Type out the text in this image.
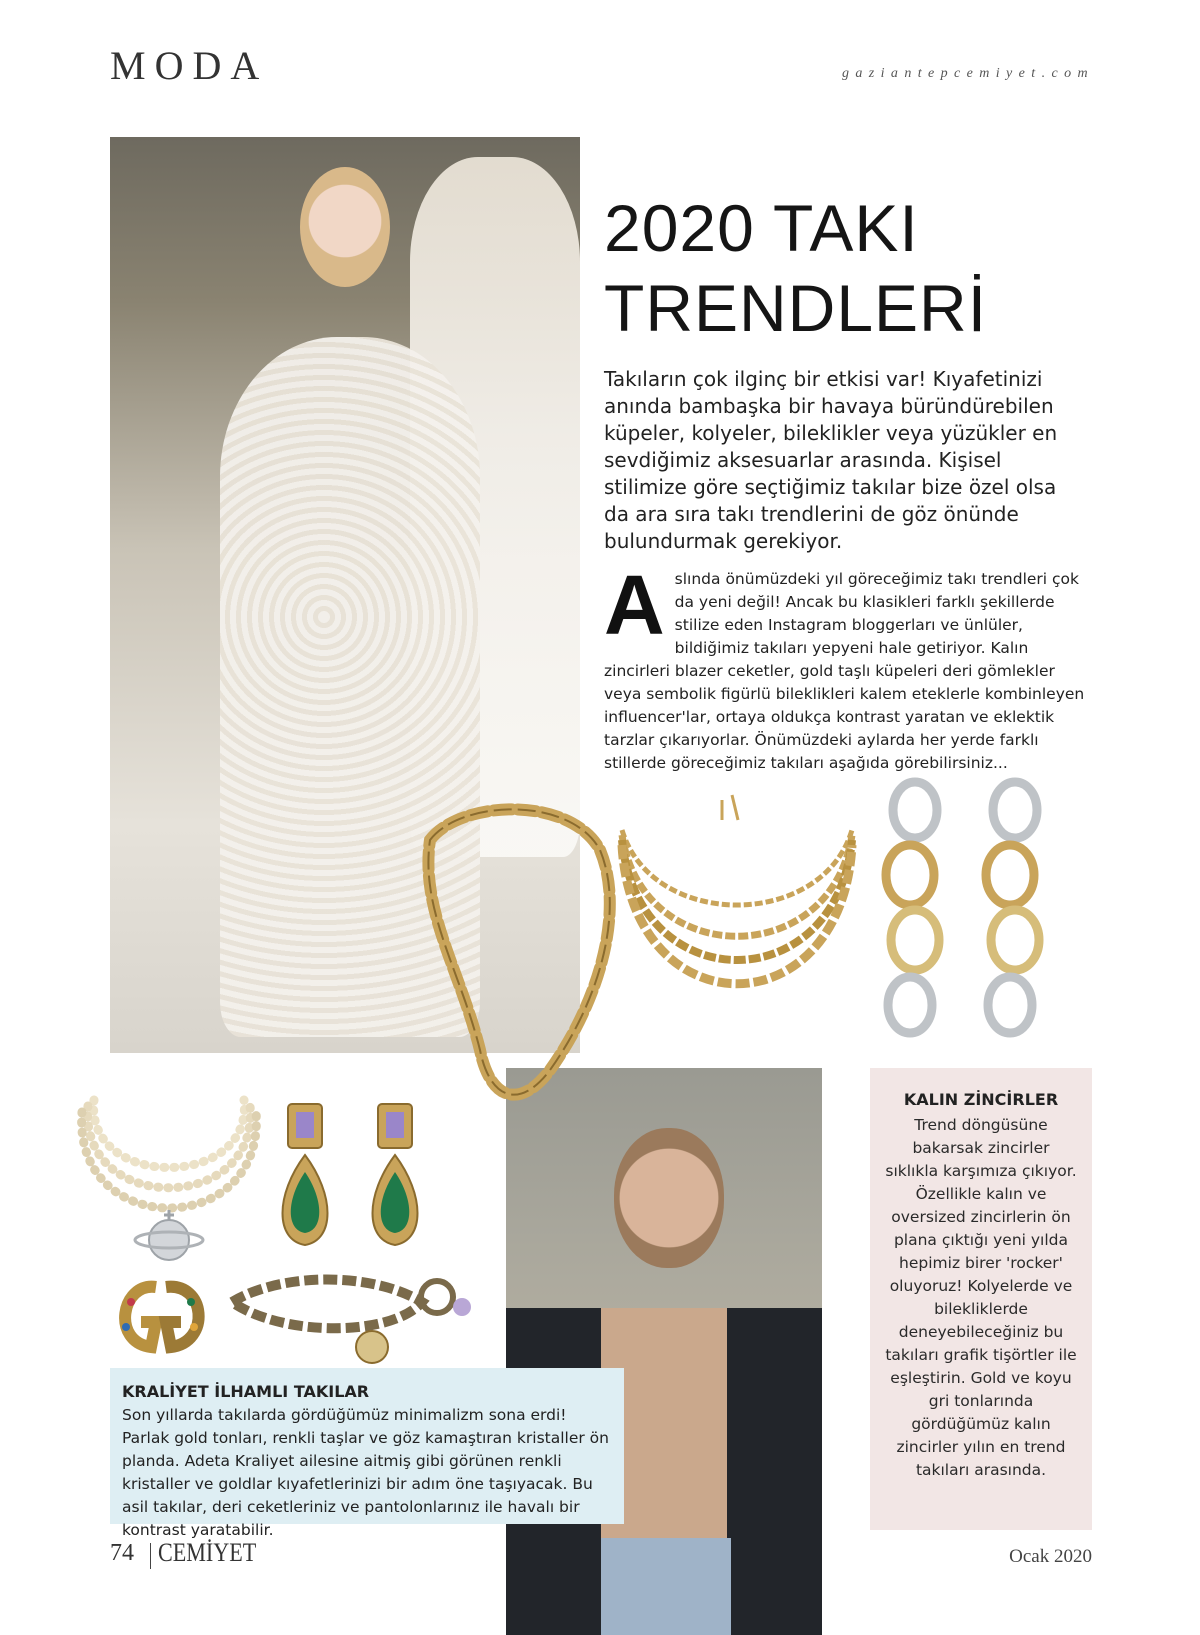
MODA	gaziantepcemiyet.com
2020 TAKI
TRENDLERİ

Takıların çok ilginç bir etkisi var! Kıyafetinizi anında bambaşka bir havaya büründürebilen küpeler, kolyeler, bileklikler veya yüzükler en sevdiğimiz aksesuarlar arasında. Kişisel stilimize göre seçtiğimiz takılar bize özel olsa da ara sıra takı trendlerini de göz önünde bulundurmak gerekiyor.

Aslında önümüzdeki yıl göreceğimiz takı trendleri çok da yeni değil! Ancak bu klasikleri farklı şekillerde stilize eden Instagram bloggerları ve ünlüler, bildiğimiz takıları yepyeni hale getiriyor. Kalın zincirleri blazer ceketler, gold taşlı küpeleri deri gömlekler veya sembolik figürlü bileklikleri kalem eteklerle kombinleyen influencer'lar, ortaya oldukça kontrast yaratan ve eklektik tarzlar çıkarıyorlar. Önümüzdeki aylarda her yerde farklı stillerde göreceğimiz takıları aşağıda görebilirsiniz...

KALIN ZİNCİRLER

Trend döngüsüne bakarsak zincirler sıklıkla karşımıza çıkıyor. Özellikle kalın ve oversized zincirlerin ön plana çıktığı yeni yılda hepimiz birer 'rocker' oluyoruz! Kolyelerde ve bilekliklerde deneyebileceğiniz bu takıları grafik tişörtler ile eşleştirin. Gold ve koyu gri tonlarında gördüğümüz kalın zincirler yılın en trend takıları arasında.

KRALİYET İLHAMLI TAKILAR

Son yıllarda takılarda gördüğümüz minimalizm sona erdi! Parlak gold tonları, renkli taşlar ve göz kamaştıran kristaller ön planda. Adeta Kraliyet ailesine aitmiş gibi görünen renkli kristaller ve goldlar kıyafetlerinizi bir adım öne taşıyacak. Bu asil takılar, deri ceketleriniz ve pantolonlarınız ile havalı bir kontrast yaratabilir.

74 CEMİYET	Ocak 2020
